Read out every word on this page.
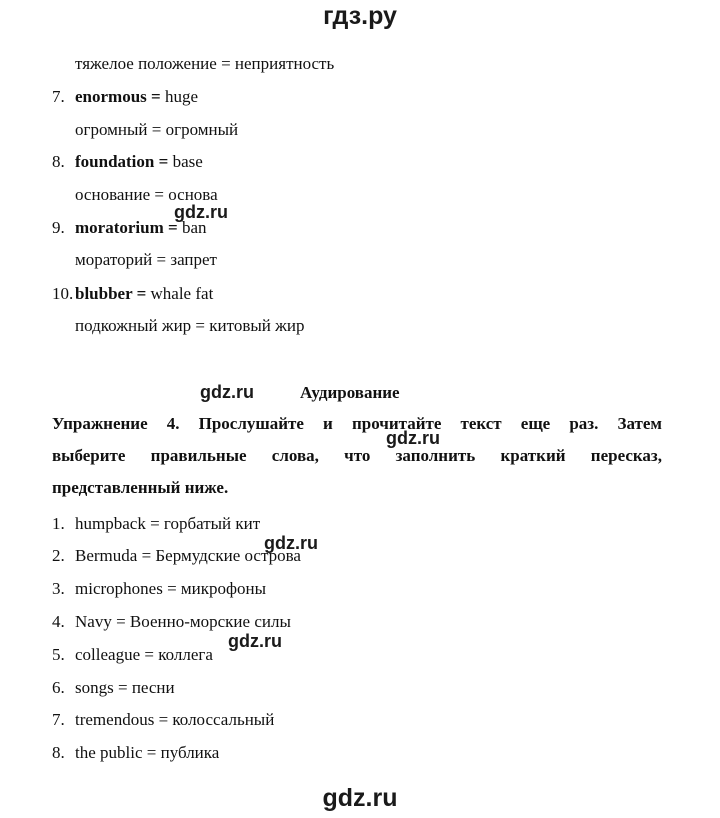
гдз.ру
тяжелое положение = неприятность
7. enormous = huge
огромный = огромный
8. foundation = base
основание = основа
gdz.ru
9. moratorium = ban
мораторий = запрет
10. blubber = whale fat
подкожный жир = китовый жир
gdz.ru	Аудирование
Упражнение 4. Прослушайте и прочитайте текст еще раз. Затем
выберите правильные слова, что заполнить краткий пересказ,
представленный ниже.
gdz.ru
1. humpback = горбатый кит
gdz.ru
2. Bermuda = Бермудские острова
3. microphones = микрофоны
4. Navy = Военно-морские силы
gdz.ru
5. colleague = коллега
6. songs = песни
7. tremendous = колоссальный
8. the public = публика
gdz.ru
